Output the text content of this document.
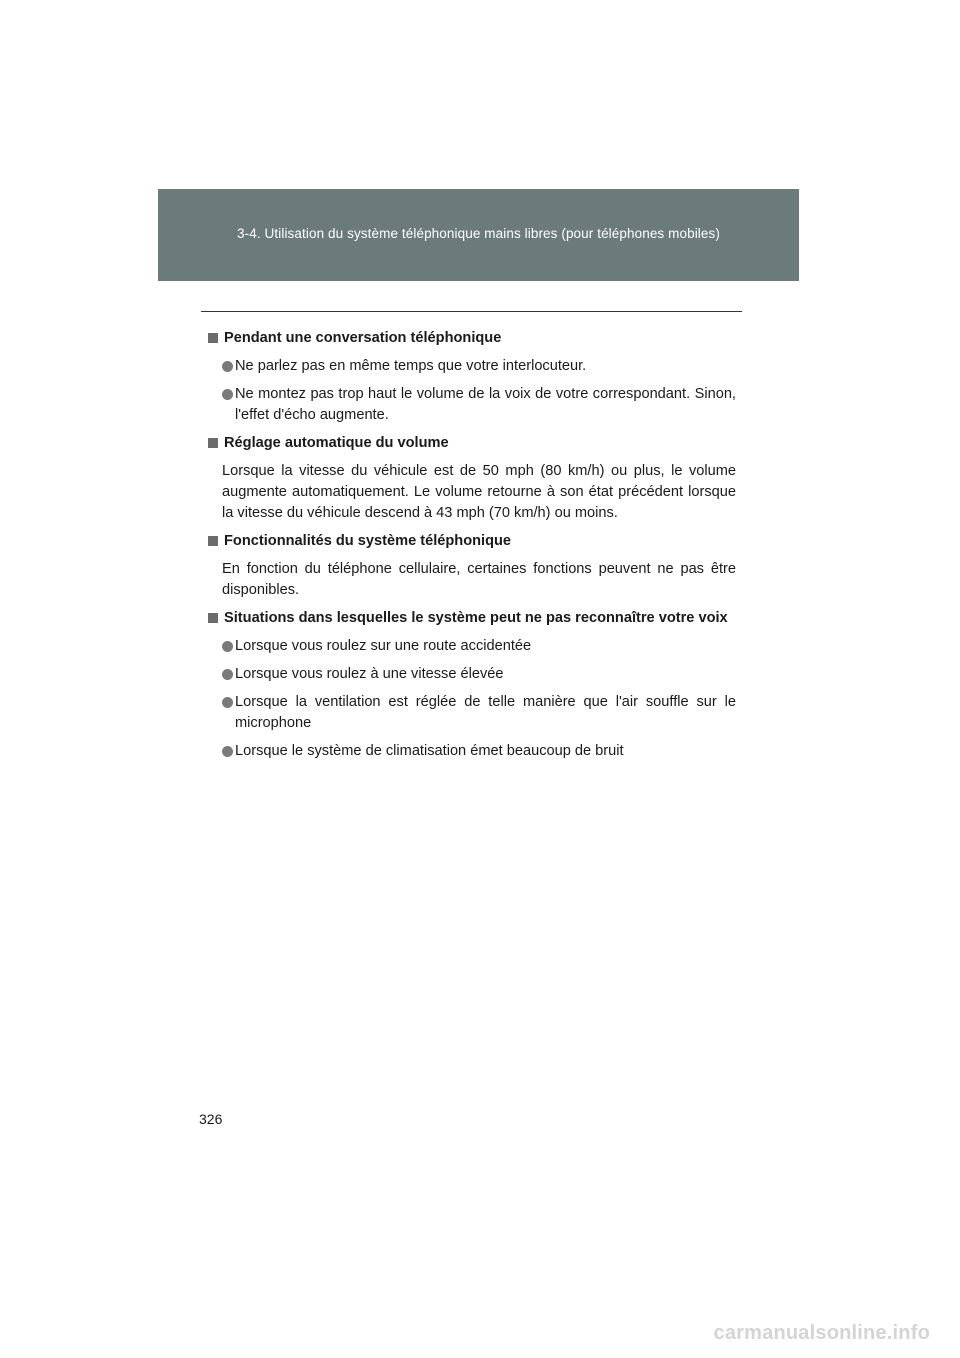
3-4. Utilisation du système téléphonique mains libres (pour téléphones mobiles)
Pendant une conversation téléphonique
Ne parlez pas en même temps que votre interlocuteur.
Ne montez pas trop haut le volume de la voix de votre correspondant. Sinon, l'effet d'écho augmente.
Réglage automatique du volume
Lorsque la vitesse du véhicule est de 50 mph (80 km/h) ou plus, le volume augmente automatiquement. Le volume retourne à son état précédent lorsque la vitesse du véhicule descend à 43 mph (70 km/h) ou moins.
Fonctionnalités du système téléphonique
En fonction du téléphone cellulaire, certaines fonctions peuvent ne pas être disponibles.
Situations dans lesquelles le système peut ne pas reconnaître votre voix
Lorsque vous roulez sur une route accidentée
Lorsque vous roulez à une vitesse élevée
Lorsque la ventilation est réglée de telle manière que l'air souffle sur le microphone
Lorsque le système de climatisation émet beaucoup de bruit
326
carmanualsonline.info
